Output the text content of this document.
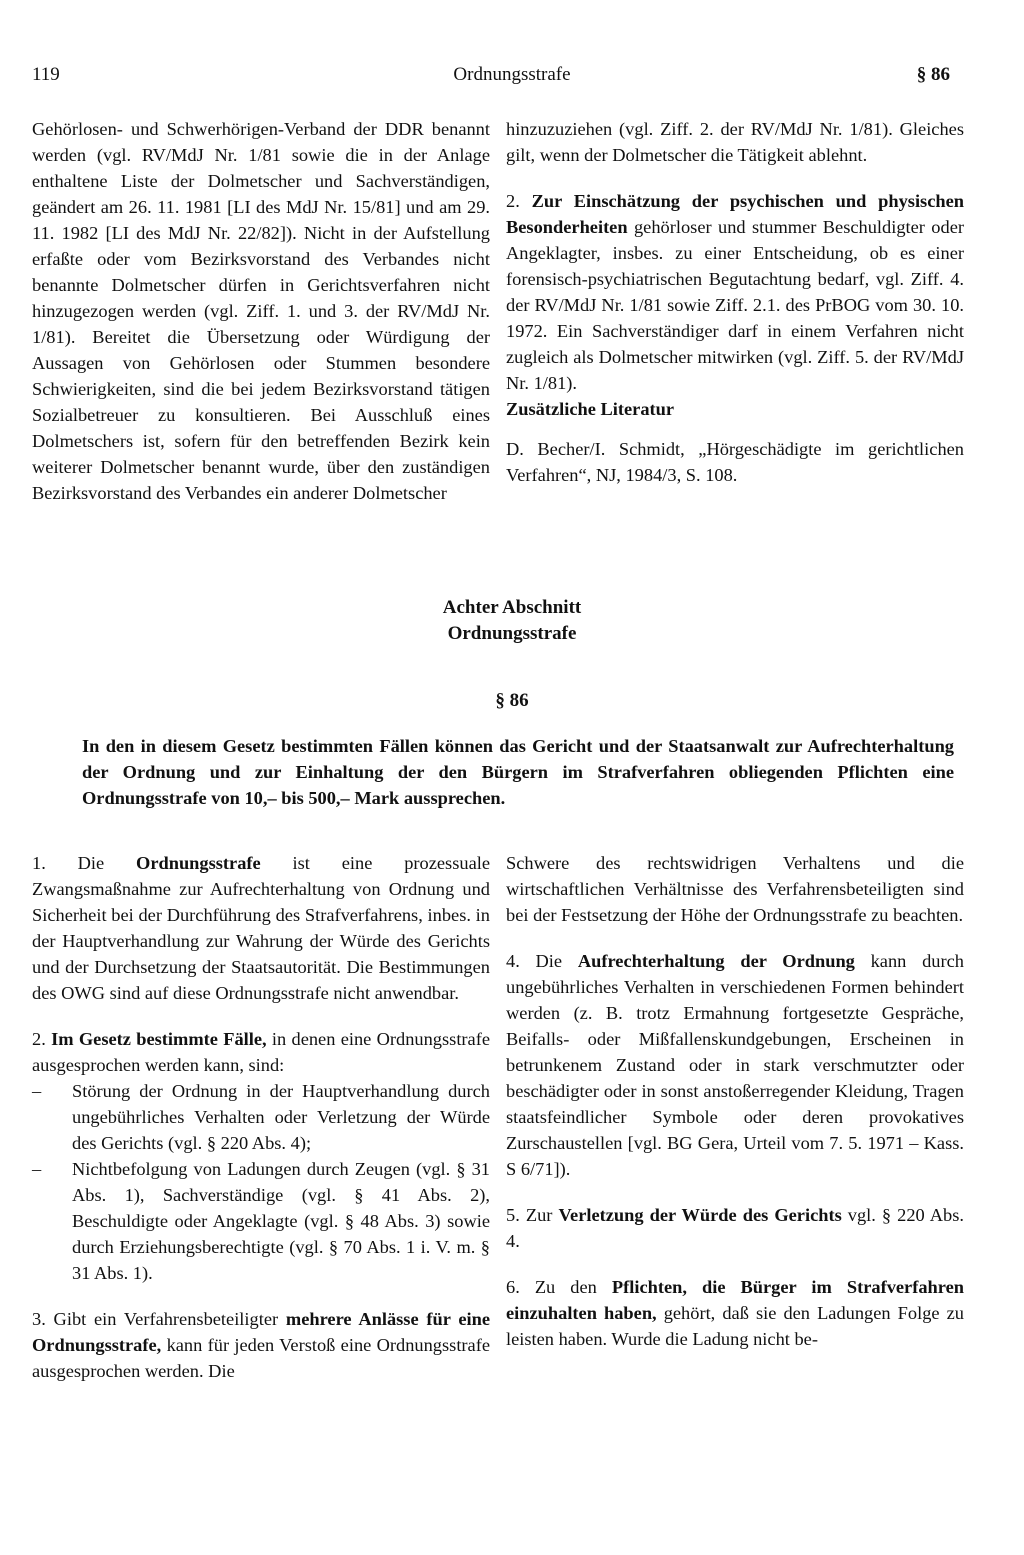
119	Ordnungsstrafe	§ 86

Gehörlosen- und Schwerhörigen-Verband der DDR benannt werden (vgl. RV/MdJ Nr. 1/81 sowie die in der Anlage enthaltene Liste der Dolmetscher und Sachverständigen, geändert am 26. 11. 1981 [LI des MdJ Nr. 15/81] und am 29. 11. 1982 [LI des MdJ Nr. 22/82]). Nicht in der Aufstellung erfaßte oder vom Bezirksvorstand des Verbandes nicht benannte Dolmetscher dürfen in Gerichtsverfahren nicht hinzugezogen werden (vgl. Ziff. 1. und 3. der RV/MdJ Nr. 1/81). Bereitet die Übersetzung oder Würdigung der Aussagen von Gehörlosen oder Stummen besondere Schwierigkeiten, sind die bei jedem Bezirksvorstand tätigen Sozialbetreuer zu konsultieren. Bei Ausschluß eines Dolmetschers ist, sofern für den betreffenden Bezirk kein weiterer Dolmetscher benannt wurde, über den zuständigen Bezirksvorstand des Verbandes ein anderer Dolmetscher

hinzuzuziehen (vgl. Ziff. 2. der RV/MdJ Nr. 1/81). Gleiches gilt, wenn der Dolmetscher die Tätigkeit ablehnt.

2. Zur Einschätzung der psychischen und physischen Besonderheiten gehörloser und stummer Beschuldigter oder Angeklagter, insbes. zu einer Entscheidung, ob es einer forensisch-psychiatrischen Begutachtung bedarf, vgl. Ziff. 4. der RV/MdJ Nr. 1/81 sowie Ziff. 2.1. des PrBOG vom 30. 10. 1972. Ein Sachverständiger darf in einem Verfahren nicht zugleich als Dolmetscher mitwirken (vgl. Ziff. 5. der RV/MdJ Nr. 1/81).

Zusätzliche Literatur

D. Becher/I. Schmidt, „Hörgeschädigte im gerichtlichen Verfahren“, NJ, 1984/3, S. 108.

Achter Abschnitt
Ordnungsstrafe
§ 86
In den in diesem Gesetz bestimmten Fällen können das Gericht und der Staatsanwalt zur Aufrechterhaltung der Ordnung und zur Einhaltung der den Bürgern im Strafverfahren obliegenden Pflichten eine Ordnungsstrafe von 10,– bis 500,– Mark aussprechen.

1. Die Ordnungsstrafe ist eine prozessuale Zwangsmaßnahme zur Aufrechterhaltung von Ordnung und Sicherheit bei der Durchführung des Strafverfahrens, inbes. in der Hauptverhandlung zur Wahrung der Würde des Gerichts und der Durchsetzung der Staatsautorität. Die Bestimmungen des OWG sind auf diese Ordnungsstrafe nicht anwendbar.

2. Im Gesetz bestimmte Fälle, in denen eine Ordnungsstrafe ausgesprochen werden kann, sind:

–	Störung der Ordnung in der Hauptverhandlung durch ungebührliches Verhalten oder Verletzung der Würde des Gerichts (vgl. § 220 Abs. 4);
–	Nichtbefolgung von Ladungen durch Zeugen (vgl. § 31 Abs. 1), Sachverständige (vgl. § 41 Abs. 2), Beschuldigte oder Angeklagte (vgl. § 48 Abs. 3) sowie durch Erziehungsberechtigte (vgl. § 70 Abs. 1 i. V. m. § 31 Abs. 1).

3. Gibt ein Verfahrensbeteiligter mehrere Anlässe für eine Ordnungsstrafe, kann für jeden Verstoß eine Ordnungsstrafe ausgesprochen werden. Die

Schwere des rechtswidrigen Verhaltens und die wirtschaftlichen Verhältnisse des Verfahrensbeteiligten sind bei der Festsetzung der Höhe der Ordnungsstrafe zu beachten.

4. Die Aufrechterhaltung der Ordnung kann durch ungebührliches Verhalten in verschiedenen Formen behindert werden (z. B. trotz Ermahnung fortgesetzte Gespräche, Beifalls- oder Mißfallenskundgebungen, Erscheinen in betrunkenem Zustand oder in stark verschmutzter oder beschädigter oder in sonst anstoßerregender Kleidung, Tragen staatsfeindlicher Symbole oder deren provokatives Zurschaustellen [vgl. BG Gera, Urteil vom 7. 5. 1971 – Kass. S 6/71]).

5. Zur Verletzung der Würde des Gerichts vgl. § 220 Abs. 4.

6. Zu den Pflichten, die Bürger im Strafverfahren einzuhalten haben, gehört, daß sie den Ladungen Folge zu leisten haben. Wurde die Ladung nicht be-
